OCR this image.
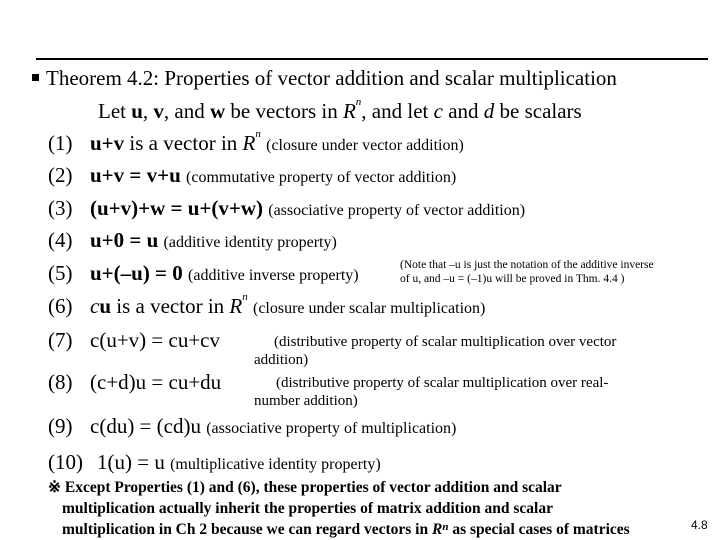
Theorem 4.2: Properties of vector addition and scalar multiplication
Let u, v, and w be vectors in $R^n$, and let c and d be scalars
(1) u+v is a vector in $R^n$ (closure under vector addition)
(2) u+v = v+u (commutative property of vector addition)
(3) (u+v)+w = u+(v+w) (associative property of vector addition)
(4) u+0 = u (additive identity property)
(5) u+(–u) = 0 (additive inverse property)
(Note that –u is just the notation of the additive inverse
of u, and –u = (–1)u will be proved in Thm. 4.4 )
(6) cu is a vector in $R^n$ (closure under scalar multiplication)
(7) c(u+v) = cu+cv	(distributive property of scalar multiplication over vector
addition)
(8) (c+d)u = cu+du	(distributive property of scalar multiplication over real-
number addition)
(9) c(du) = (cd)u (associative property of multiplication)
(10) 1(u) = u (multiplicative identity property)
※ Except Properties (1) and (6), these properties of vector addition and scalar
multiplication actually inherit the properties of matrix addition and scalar
multiplication in Ch 2 because we can regard vectors in $R^n$ as special cases of matrices	4.8
